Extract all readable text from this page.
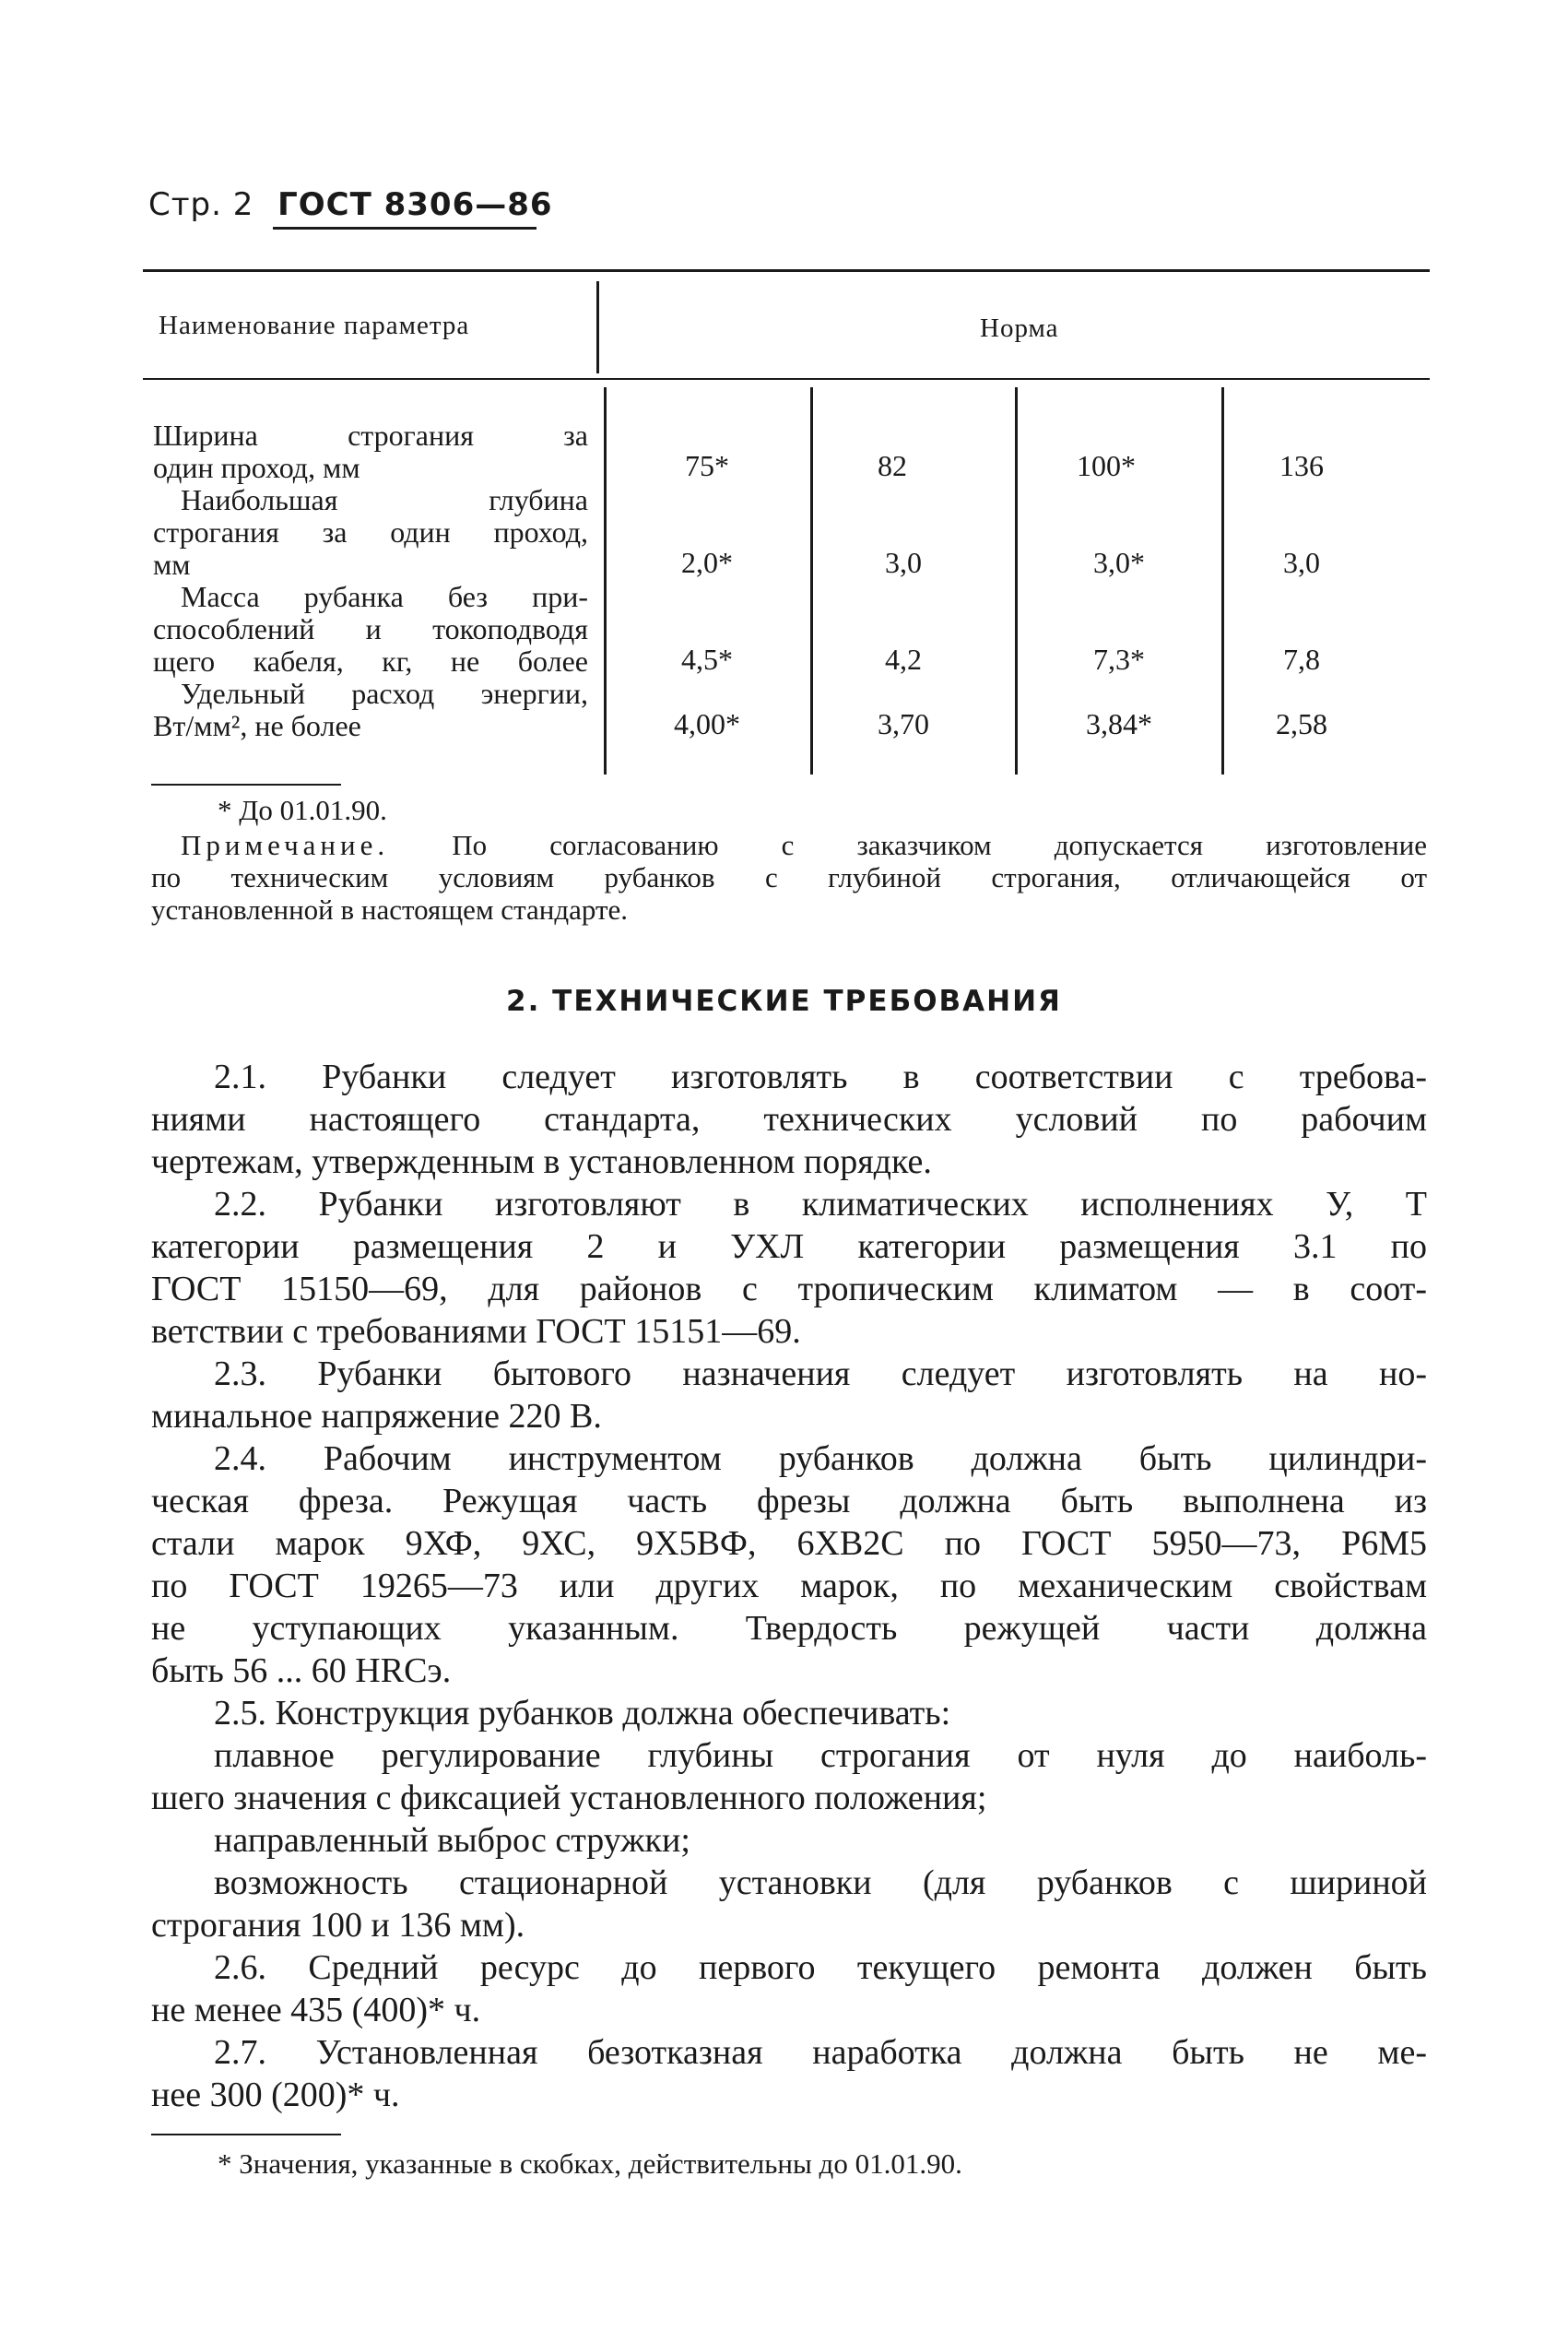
Стр. 2 ГОСТ 8306—86
Наименование параметра	Норма
Ширина строгания за
один проход, мм	75*	82	100*	136
Наибольшая глубина
строгания за один проход,
мм	2,0*	3,0	3,0*	3,0
Масса рубанка без при-
способлений и токоподводя
щего кабеля, кг, не более	4,5*	4,2	7,3*	7,8
Удельный расход энергии,
Вт/мм², не более	4,00*	3,70	3,84*	2,58
* До 01.01.90.
Примечание. По согласованию с заказчиком допускается изготовление
по техническим условиям рубанков с глубиной строгания, отличающейся от
установленной в настоящем стандарте.
2. ТЕХНИЧЕСКИЕ ТРЕБОВАНИЯ
2.1. Рубанки следует изготовлять в соответствии с требова-
ниями настоящего стандарта, технических условий по рабочим
чертежам, утвержденным в установленном порядке.
2.2. Рубанки изготовляют в климатических исполнениях У, Т
категории размещения 2 и УХЛ категории размещения 3.1 по
ГОСТ 15150—69, для районов с тропическим климатом — в соот-
ветствии с требованиями ГОСТ 15151—69.
2.3. Рубанки бытового назначения следует изготовлять на но-
минальное напряжение 220 В.
2.4. Рабочим инструментом рубанков должна быть цилиндри-
ческая фреза. Режущая часть фрезы должна быть выполнена из
стали марок 9ХФ, 9ХС, 9Х5ВФ, 6ХВ2С по ГОСТ 5950—73, Р6М5
по ГОСТ 19265—73 или других марок, по механическим свойствам
не уступающих указанным. Твердость режущей части должна
быть 56 ... 60 HRCэ.
2.5. Конструкция рубанков должна обеспечивать:
плавное регулирование глубины строгания от нуля до наиболь-
шего значения с фиксацией установленного положения;
направленный выброс стружки;
возможность стационарной установки (для рубанков с шириной
строгания 100 и 136 мм).
2.6. Средний ресурс до первого текущего ремонта должен быть
не менее 435 (400)* ч.
2.7. Установленная безотказная наработка должна быть не ме-
нее 300 (200)* ч.
* Значения, указанные в скобках, действительны до 01.01.90.
